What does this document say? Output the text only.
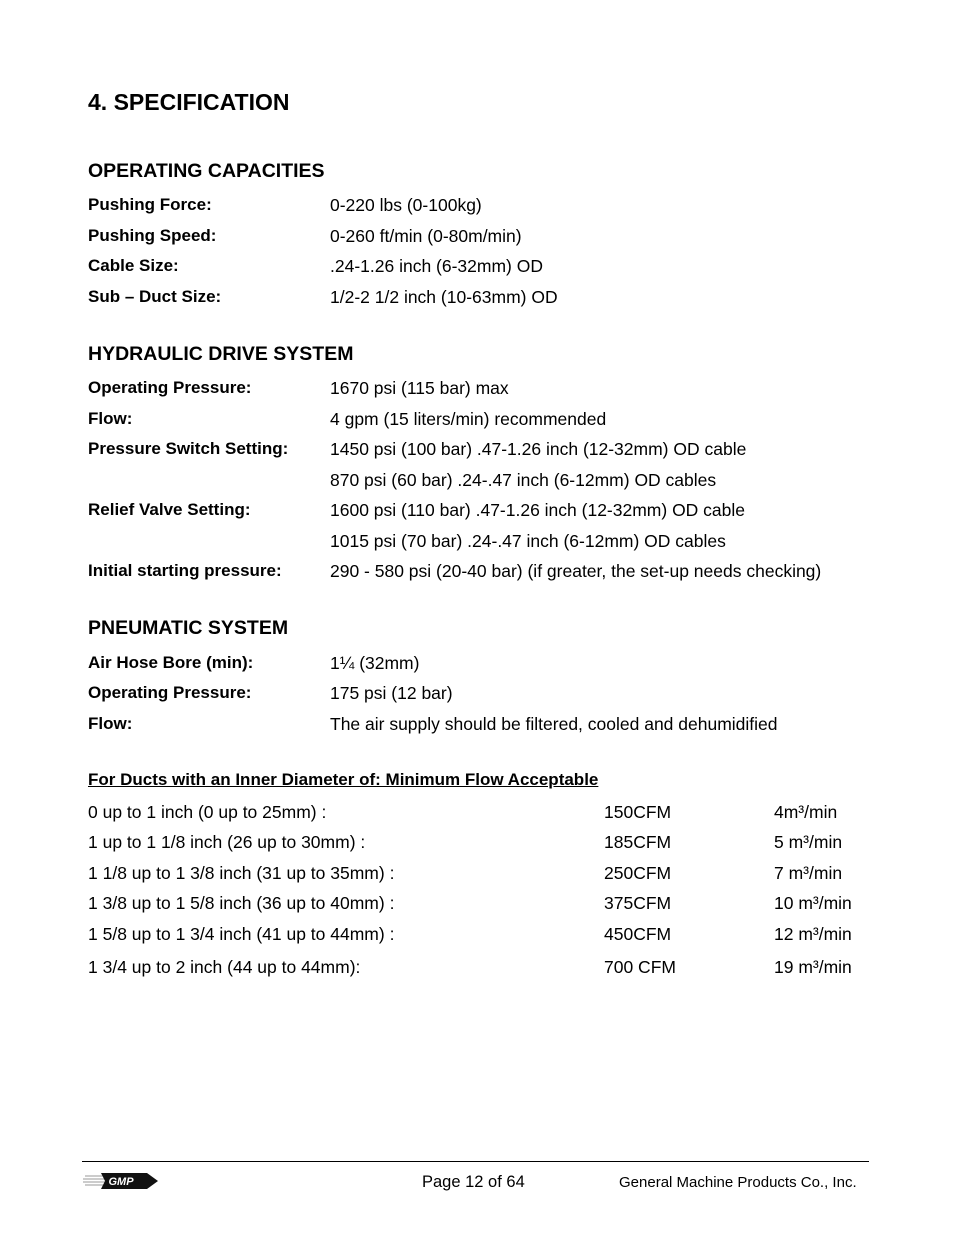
4. SPECIFICATION
OPERATING CAPACITIES
Pushing Force:	0-220 lbs (0-100kg)
Pushing Speed:	0-260 ft/min (0-80m/min)
Cable Size:	.24-1.26 inch (6-32mm) OD
Sub – Duct Size:	1/2-2 1/2 inch (10-63mm) OD
HYDRAULIC DRIVE SYSTEM
Operating Pressure:	1670 psi (115 bar) max
Flow:	4 gpm (15 liters/min) recommended
Pressure Switch Setting: 1450 psi (100 bar) .47-1.26 inch (12-32mm) OD cable
870 psi (60 bar) .24-.47 inch (6-12mm) OD cables
Relief Valve Setting:	1600 psi (110 bar) .47-1.26 inch (12-32mm) OD cable
1015 psi (70 bar) .24-.47 inch (6-12mm) OD cables
Initial starting pressure:	290 - 580 psi (20-40 bar) (if greater, the set-up needs checking)
PNEUMATIC SYSTEM
Air Hose Bore (min):	1¼ (32mm)
Operating Pressure:	175 psi (12 bar)
Flow:	The air supply should be filtered, cooled and dehumidified
For Ducts with an Inner Diameter of: Minimum Flow Acceptable
0 up to 1 inch (0 up to 25mm) :	150CFM	4m³/min
1 up to 1 1/8 inch (26 up to 30mm) :	185CFM	5 m³/min
1 1/8 up to 1 3/8 inch (31 up to 35mm) :	250CFM	7 m³/min
1 3/8 up to 1 5/8 inch (36 up to 40mm) :	375CFM	10 m³/min
1 5/8 up to 1 3/4 inch (41 up to 44mm) :	450CFM	12 m³/min
1 3/4 up to 2 inch (44 up to 44mm):	700 CFM	19 m³/min
GMP	Page 12 of 64	General Machine Products Co., Inc.
